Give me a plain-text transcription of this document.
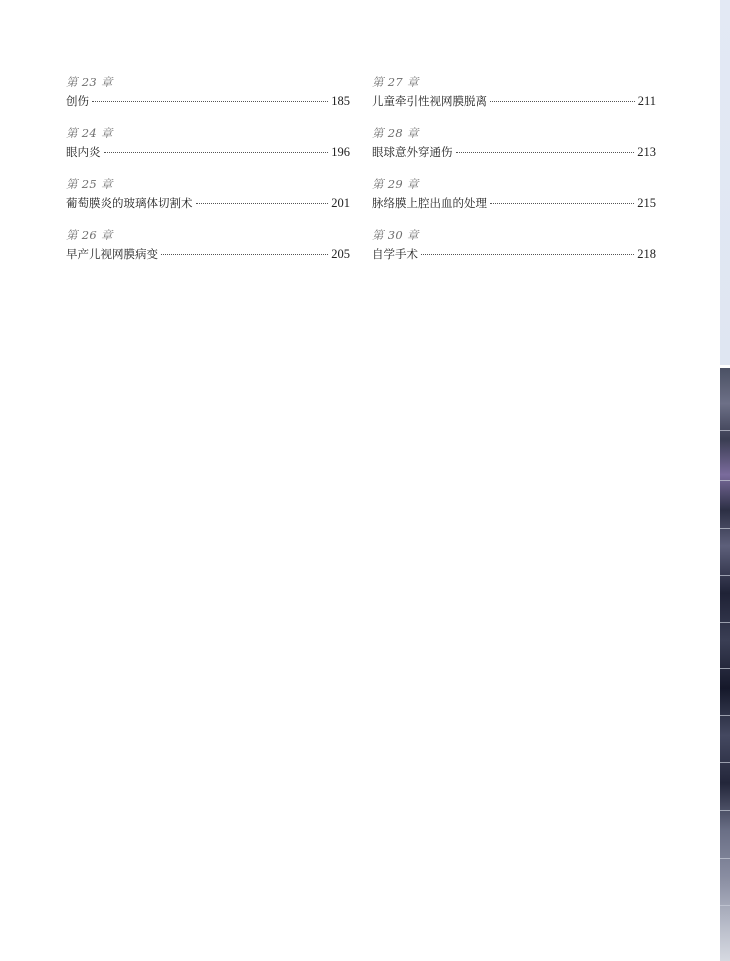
第 23 章
创伤	185
第 24 章
眼内炎	196
第 25 章
葡萄膜炎的玻璃体切割术	201
第 26 章
早产儿视网膜病变	205
第 27 章
儿童牵引性视网膜脱离	211
第 28 章
眼球意外穿通伤	213
第 29 章
脉络膜上腔出血的处理	215
第 30 章
自学手术	218
